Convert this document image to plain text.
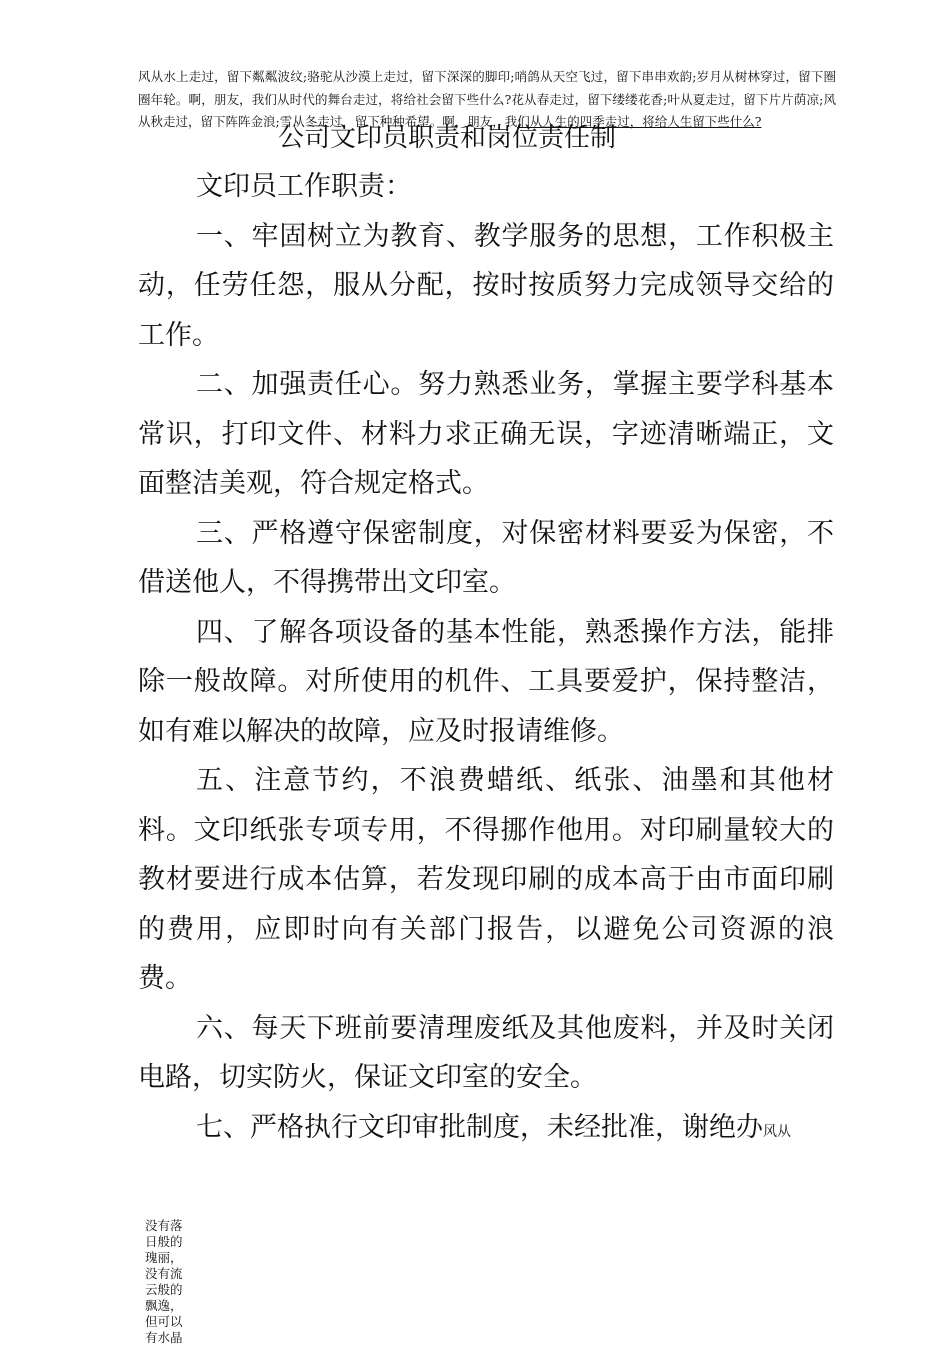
风从水上走过，留下粼粼波纹;骆驼从沙漠上走过，留下深深的脚印;哨鸽从天空飞过，留下串串欢韵;岁月从树林穿过，留下圈圈年轮。啊，朋友，我们从时代的舞台走过，将给社会留下些什么?花从春走过，留下缕缕花香;叶从夏走过，留下片片荫凉;风从秋走过，留下阵阵金浪;雪从冬走过，留下种种希望。啊，朋友，我们从人生的四季走过，将给人生留下些什么?
公司文印员职责和岗位责任制

文印员工作职责：

一、牢固树立为教育、教学服务的思想，工作积极主动，任劳任怨，服从分配，按时按质努力完成领导交给的工作。

二、加强责任心。努力熟悉业务，掌握主要学科基本常识，打印文件、材料力求正确无误，字迹清晰端正，文面整洁美观，符合规定格式。

三、严格遵守保密制度，对保密材料要妥为保密，不借送他人，不得携带出文印室。

四、了解各项设备的基本性能，熟悉操作方法，能排除一般故障。对所使用的机件、工具要爱护，保持整洁，如有难以解决的故障，应及时报请维修。

五、注意节约，不浪费蜡纸、纸张、油墨和其他材料。文印纸张专项专用，不得挪作他用。对印刷量较大的教材要进行成本估算，若发现印刷的成本高于由市面印刷的费用，应即时向有关部门报告，以避免公司资源的浪费。

六、每天下班前要清理废纸及其他废料，并及时关闭电路，切实防火，保证文印室的安全。

七、严格执行文印审批制度，未经批准，谢绝办风从

没有落日般的瑰丽，没有流云般的飘逸，但可以有水晶
